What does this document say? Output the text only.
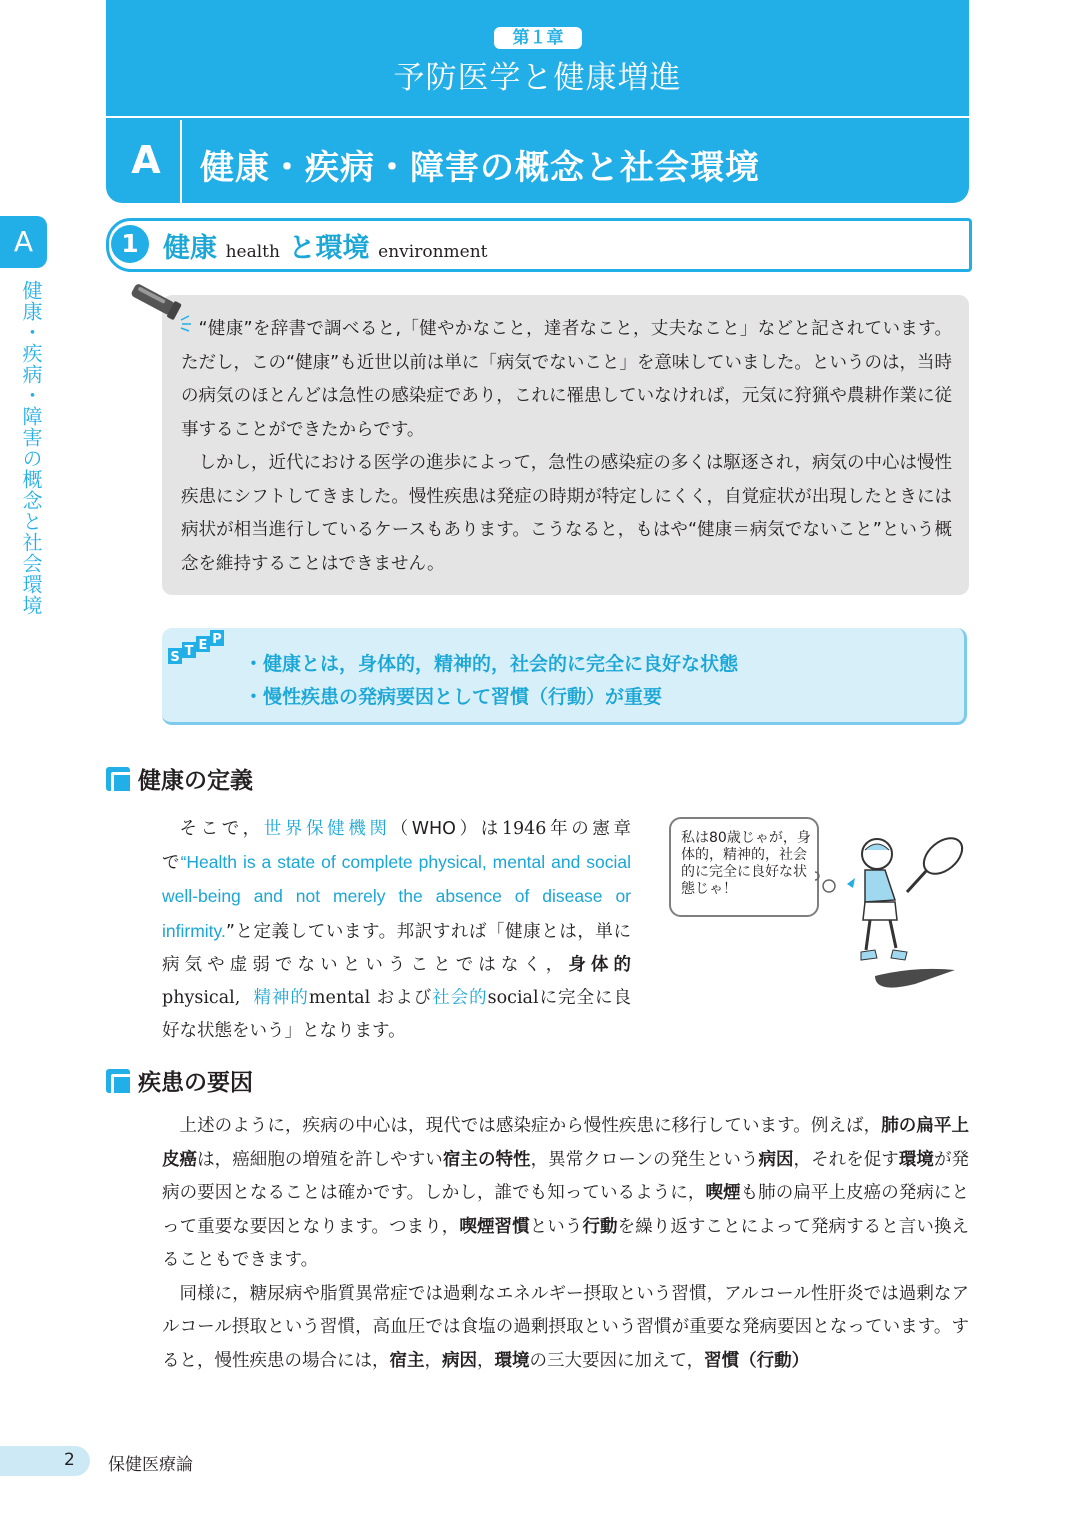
第１章
予防医学と健康増進
A 健康・疾病・障害の概念と社会環境
A
健康・疾病・障害の概念と社会環境
1 健康 health と環境 environment

“健康”を辞書で調べると,「健やかなこと，達者なこと，丈夫なこと」などと記されています。ただし，この“健康”も近世以前は単に「病気でないこと」を意味していました。というのは，当時の病気のほとんどは急性の感染症であり，これに罹患していなければ，元気に狩猟や農耕作業に従事することができたからです。

しかし，近代における医学の進歩によって，急性の感染症の多くは駆逐され，病気の中心は慢性疾患にシフトしてきました。慢性疾患は発症の時期が特定しにくく，自覚症状が出現したときには病状が相当進行しているケースもあります。こうなると，もはや“健康＝病気でないこと”という概念を維持することはできません。

S T E P
・健康とは，身体的，精神的，社会的に完全に良好な状態
・慢性疾患の発病要因として習慣（行動）が重要
健康の定義
そこで，世界保健機関（WHO）は1946年の憲章で“Health is a state of complete physical, mental and social well-being and not merely the absence of disease or infirmity.”と定義しています。邦訳すれば「健康とは，単に病気や虚弱でないということではなく，身体的physical, 精神的mental および社会的socialに完全に良好な状態をいう」となります。
私は80歳じゃが，身体的，精神的，社会的に完全に良好な状態じゃ！
疾患の要因

上述のように，疾病の中心は，現代では感染症から慢性疾患に移行しています。例えば，肺の扁平上皮癌は，癌細胞の増殖を許しやすい宿主の特性，異常クローンの発生という病因，それを促す環境が発病の要因となることは確かです。しかし，誰でも知っているように，喫煙も肺の扁平上皮癌の発病にとって重要な要因となります。つまり，喫煙習慣という行動を繰り返すことによって発病すると言い換えることもできます。

同様に，糖尿病や脂質異常症では過剰なエネルギー摂取という習慣，アルコール性肝炎では過剰なアルコール摂取という習慣，高血圧では食塩の過剰摂取という習慣が重要な発病要因となっています。すると，慢性疾患の場合には，宿主，病因，環境の三大要因に加えて，習慣（行動）

2 保健医療論
